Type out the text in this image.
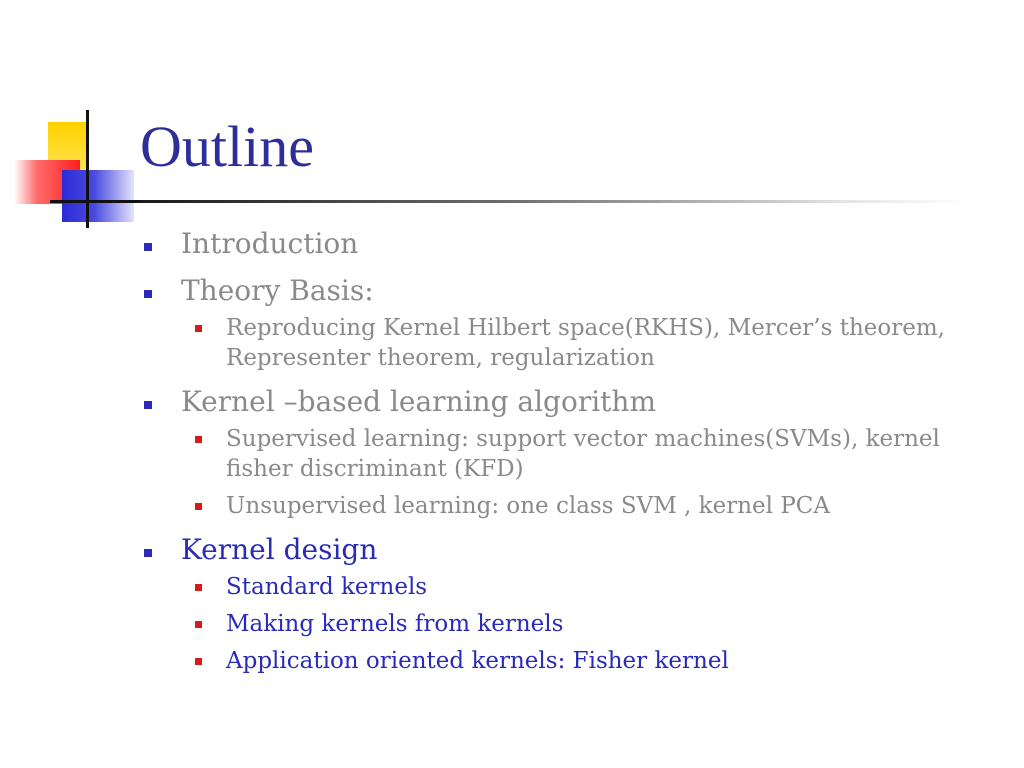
Outline
Introduction
Theory Basis:
Reproducing Kernel Hilbert space(RKHS), Mercer’s theorem, Representer theorem, regularization
Kernel –based learning algorithm
Supervised learning: support vector machines(SVMs), kernel fisher discriminant (KFD)
Unsupervised learning: one class SVM , kernel PCA
Kernel design
Standard kernels
Making kernels from kernels
Application oriented kernels: Fisher kernel
